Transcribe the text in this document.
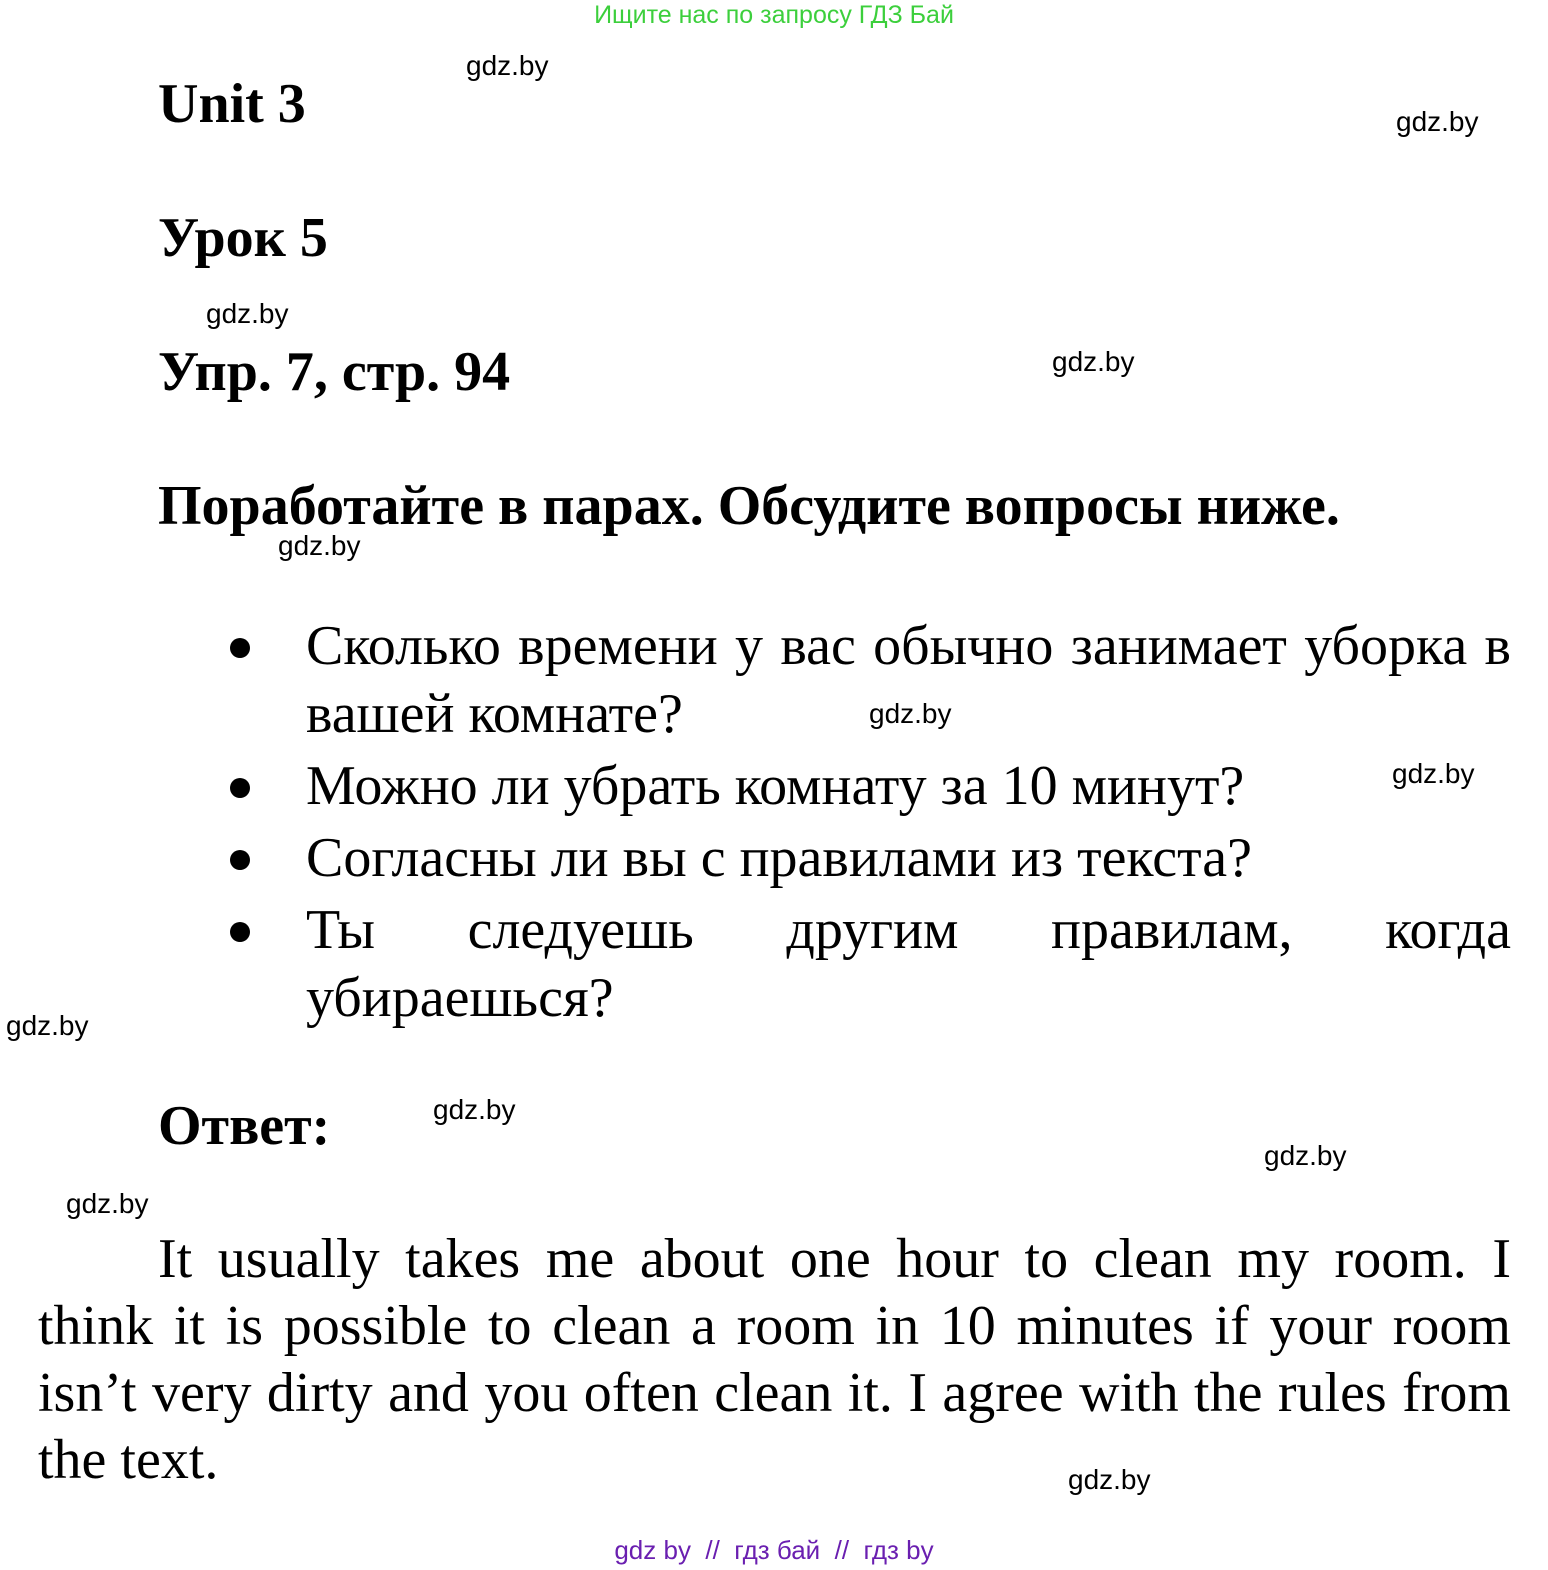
Ищите нас по запросу ГДЗ Бай
Unit 3
Урок 5
Упр. 7, стр. 94
Поработайте в парах. Обсудите вопросы ниже.
Сколько времени у вас обычно занимает уборка в вашей комнате?
Можно ли убрать комнату за 10 минут?
Согласны ли вы с правилами из текста?
Ты следуешь другим правилам, когда убираешься?
Ответ:

It usually takes me about one hour to clean my room. I think it is possible to clean a room in 10 minutes if your room isn’t very dirty and you often clean it. I agree with the rules from the text.

gdz.by
gdz.by
gdz.by
gdz.by
gdz.by
gdz.by
gdz.by
gdz.by
gdz.by
gdz.by
gdz.by
gdz.by
gdz by  //  гдз бай  //  гдз by
